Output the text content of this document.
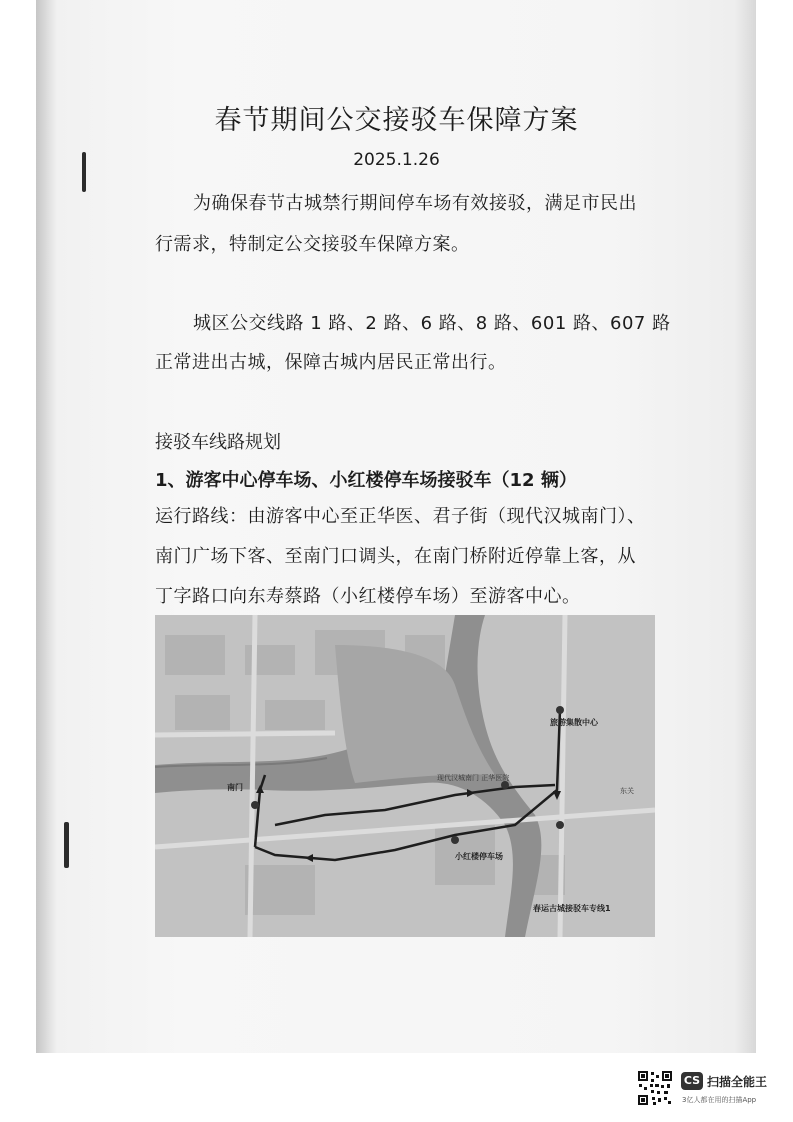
春节期间公交接驳车保障方案
2025.1.26
为确保春节古城禁行期间停车场有效接驳，满足市民出
行需求，特制定公交接驳车保障方案。
城区公交线路 1 路、2 路、6 路、8 路、601 路、607 路
正常进出古城，保障古城内居民正常出行。
接驳车线路规划
1、游客中心停车场、小红楼停车场接驳车（12 辆）
运行路线：由游客中心至正华医、君子街（现代汉城南门）、
南门广场下客、至南门口调头，在南门桥附近停靠上客，从
丁字路口向东寿蔡路（小红楼停车场）至游客中心。
旅游集散中心
南门
现代汉城南门 正华医院
小红楼停车场
春运古城接驳车专线1
东关
CS 扫描全能王
3亿人都在用的扫描App
